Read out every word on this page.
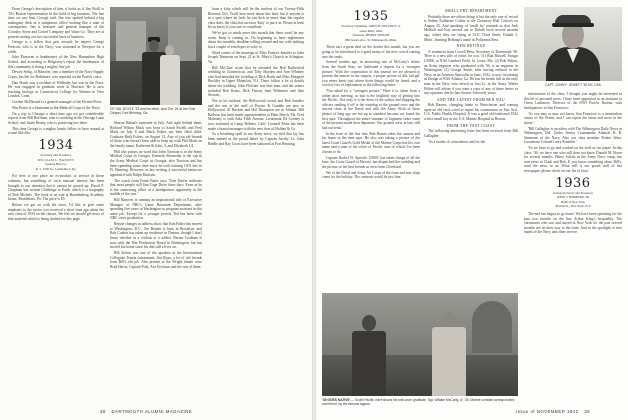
From George's description of him, it looks as if Jim Wolff is '33's Boston representative in the field of big business. The last time we saw him, George said, Jim was spotted behind a big mahogany desk in a sumptuous office looking like a man of consequence. Jim is treasurer and general manager of the Crossley Stone and Gravel Company and Vaine Co. They are at present turning out two successful lines of business.

George is a fellow that gets around; he reports George Prescott, who is in the Navy, was stationed at Newport for a while.

John Donovan is headmaster of the New Hampshire High School, and according to Ridgeway's report the headmaster of this community is doing a mighty fine job.

Dewey Sedig, of Hanover, sent a member of the Navy Supply Corps, has left for Baltimore, was reported on the Pacific coast.

Dan Hatch was a resident of Wellesley but was in the Navy. He was engaged in graduate work at Harvard. He is now teaching biology at Connecticut College for Women in New London, Conn.

Gordon McDermid is a general manager of the Picture Press.

Win Bruce is a lieutenant in the Medical Corps of the Navy.

On a trip to Chicago a short time ago we got considerable reports from Bill Hoffman, who is coaching at the Chicago Latin School, and Justin Beatty, who is practicing law there.

This time George is a mighty handy fellow to have around at a time like this.

1934
Secretary and Treasurer,
WILLIAM L. BANNET
General Box Co.
R. 5, 1936 St., Louisville 3, Ky.

For here is one place an ex-product or service in these columns, but something of such unusual interest has been brought to our attention that it cannot be passed up: David F. Chapman has written Challenge to Faith, which is a biography of Bob Michels. The book is on sale at Brandenberg Academy house, Brattleboro, Pa. The price is $5.

Before we get on with the news, I'd like to give some emphasis to the notice you received a short time ago about the new class of 1934 on the classes. We feel we should get news of that material which is being drafted for this page.

CP. VAL DOYLE '33 and his bride, wed Oct. 24 at the Post Chapel, Fort Benning, Ga.

Sharon Hahan's stationed in July. And right behind them, Richard Wilson Mack was born to Sarah Pacelli and Fred Mack on July 8 and Mack Eskies out their third child. Graduate Ruth Eskies, on August 13. Any of you old friends of those who haven't been able to keep up with Phil Mack on the family name, Katherine & John, 3, and Elizabeth 1/4.

Phil also passes on word that John Torrison is in the Army Medical Corps in Georgia. Kenneth Abernathy is the cap in the Army Medical Corps in Georgia, also Torrison and has been spending some time since he took training OCS late in Ft. Benning. However, as last writing, a successful instructor appointed with Ralph Durham.

The coach from Frank Bates says, 'Tom Darrin indicates that most people still Sun Cage Drive three days. Even as he is the connecting office of a headquarters apparently in the middle of the war.'

Bill Hanover is running an inspirational title of Executive Manager of NBC's Game Rotations Department, after spending five years in Washington as program assistant in this same job. Except for a younger period, Ted has been with NBC since graduation.

Renzie changes in address show that Ken Pallor has moved to Washington, D.C.; Joe Bender is back in Brooklyn; and Bob Conlon has taken up residence in Denton, though I don't know whether as a civilian or a soldier. Bernie Coalman is now with the War Production Board in Washington, but has moved his home since his dad still a lives on.

Bill Stokes was one of the speakers at the International Collegiate Tennis tournament. Jim Ryan, a lot of old friends from Bill's old job. Also present at the Wright dinner were Brad Harris, Captain Pratt, Ace Erickson and the rest of them.

form a kitty which will be the nucleus of our Twenty-Fifth Reunion Gift. You'll hear more about this later, but if anyone is in a spot where he feels he can kick in more than the regular class dues, the class has an extra 'kitty' to put it in. Please at least let us know if you care to contribute.

We've got so much news this month that there won't be any room. Keep it coming in. I'm beginning to have nightmares about the monthly deadline rolling around and me with nothing but a couple of envelopes to write to.

Word comes of the marriage of Miss Frances Jennifer to John Joseph Timmons on Sept. 21 at St. Mary's Church in Arlington, Va.

Bill McClure wrote that he attended the Bob Rutherford wedding in Connecticut, and Toby Hayden and Ann Whitney who had attended the wedding of Dick Barth and Miss Margaret Buckley in Upper Montclair, N.J. There follow a lot of details about the wedding. John Fletcher was best man, and the ushers included Bob Kraus, Dick Faison, Sam Whitmore and Jake Stewart.

Not to be outdone, the Hollywood crowd and Bob Sanders and the rest of the staff of Procter & Gamble are now in Hollywood. Al Hackett and Hal Thompson are in Atlanta. Bill Barbour has been made superintendent at Palm Beach, Fla. Fred Mahoney is with Saks Fifth Avenue. Lieutenant Ed Cooney is now stationed at Camp Roberts, Calif. Leonard Fiske has been made a branch manager with the new firm of Holden & Co.

As a breathing spell in our Army news, we find that Jay has been named as the proud father by Captain Jacoby. Lt. John Biddle and Ray Gross have been stationed at Fort Benning.

38 DARTMOUTH ALUMNI MAGAZINE
1935
Secretary-Chairman, JOHN H. DELANEY, Jr.
Gates Mills, Ohio
Treasurer, HENRY WEIGHT
980 Jessica Ave., St. Minneapolis, Minn.

There isn't a great deal on the docket this month, but you are going to be introduced to a good many of the new crowd coming into the ranks.

Several months ago, in answering one of McCarty's letters from the South Seas, we fashioned a request for a 'strongest picture.' With the cooperation of this journal we are pleased to present the answer to our request, a proper picture of this 'old gal' you never knew just where those things would be found, and a word of two of explanation in the following letter:

'You asked for a "strongest picture." Here it is, taken from a rather short meeting, so that is the brightest way of getting into the Pacific. Not only is it the dress of the sailors and shipping the officers sending it off is the roundup of the ground crew and the sincere shots at the Naval and with the Army. Both of these photos of long ago are not up to standard because we found the first spot. Throughout the entire summer of Japanese radio some of the pictures made their departure. Our ground crew, at last, still had our tents.'

In the front of the first line, Bob Barnes takes the camera and his home in the time spot. He also was taking a picture of the latest Coast Guard's Gold Medal of the Marine Corps has his own name and a man of his office of Pacific seas of which I've been chosen to do.

Captain Rachel W. Sproule, USMC has taken charge of all the base, the Coast Guard of Hawaii, has dispatched the wedding and the picture of the best friends as seen from Cleveland.

We of the Naval and Army Air Corps of the front and rear ships come for the holiday. The cameras would be just fine.

'35 GOES NATIVE — South Pacific chief shows his well-worn gratitude, Sgt. William McCarty, Jr. '35, Marine combat correspondent, and friend, by the famous lagoon.
SMALL FRY DEPARTMENT

Probably there are others doing it but the only one of record is Sidney Kalbarine Colton to the Chauncey Hull Colton's on August 25. And speaking of 'small fry' reminds us that Jack Mulhall and Kay moved out to Duluth back several months ago, where they are living at 3131 Third Street, Duluth 5, Minn., learning Belknap's name in Pollyanna Rest.

NEW RETINUE

A statement from Lowell Hess, Secretary of Dartmouth '36: 'Here is a new pile of items for you.' (1) Bud Russell, Ensign USNR, at NAS Lambert Field, St. Louis, Mo. (2) Bob Fulton, an Army engineer who graduated with '36, is an engineer in Washington. (3) George Smith, after having enlisted in the Navy as an Aviation Specialist in June, 1942, is now in training as Ensign at NAS Atlanta, Ga. He has his hands full as the only man in the Navy who served as first Lt. in the Army. Walter Hilton will advise if you want a copy of any of these letters or any opinions that he has chosen. Sincerely yours.

AND THE LATEST FROM BEN NAU

Bob Barnes, changing home to Westchester and coming upon an old card, cared to report his commission as Ens. first, U.S. Public Health Hospital. It was a good old-fashioned 1942 with a small boy in the U.S. Marine Hospital in Boston.

FROM THE VEST COAST

The following interesting letter has been received from Bill Gallagher:

'As a matter of coincidence and for the

CAPT. JOHN F. JEWETT '35 MC USA

information of the class, I thought you might be interested in this bit of personal news. I have been appointed as an assistant to Owen Lattimore, Director of the OWI Pacific Bureau, with headquarters in San Francisco.

'As you may or may not know, San Francisco is a tremendous center of the Orient, and I can report the latest and more in the future.'

'Bill Gallagher is an editor with The Wilmington Daily News in Wilmington, Del. Under Senior Commander Admiral R. B. Simmons of the Navy. Also our class member Robert Ware, Lieutenant Colonel Larry Franklin.'

'So we have to go and worked on the staff of our paper. In this class, '36, we have one who still does not know Donald M. Bruce for several months. Henry Schatz in the Army Navy camp, has sent news to Clark and Bob. If you know something about Bill's, send the news to us. What still is our proud staff of last newspaper, please check on our list of facts.'

1936
Acting-Secretary and Treasurer,
JOHN S. HERBURN 3D
Bank of New York
48 Wall St., New York, N.Y.

The end has begun to go home. We have been operating for the past two months on the fine Arthur King's hospitality. The classmates who saw and stayed in New York for the past several months are on their way to the front. And in the spotlight of new hands of the Navy and other service.

Issue of NOVEMBER 1942 39
